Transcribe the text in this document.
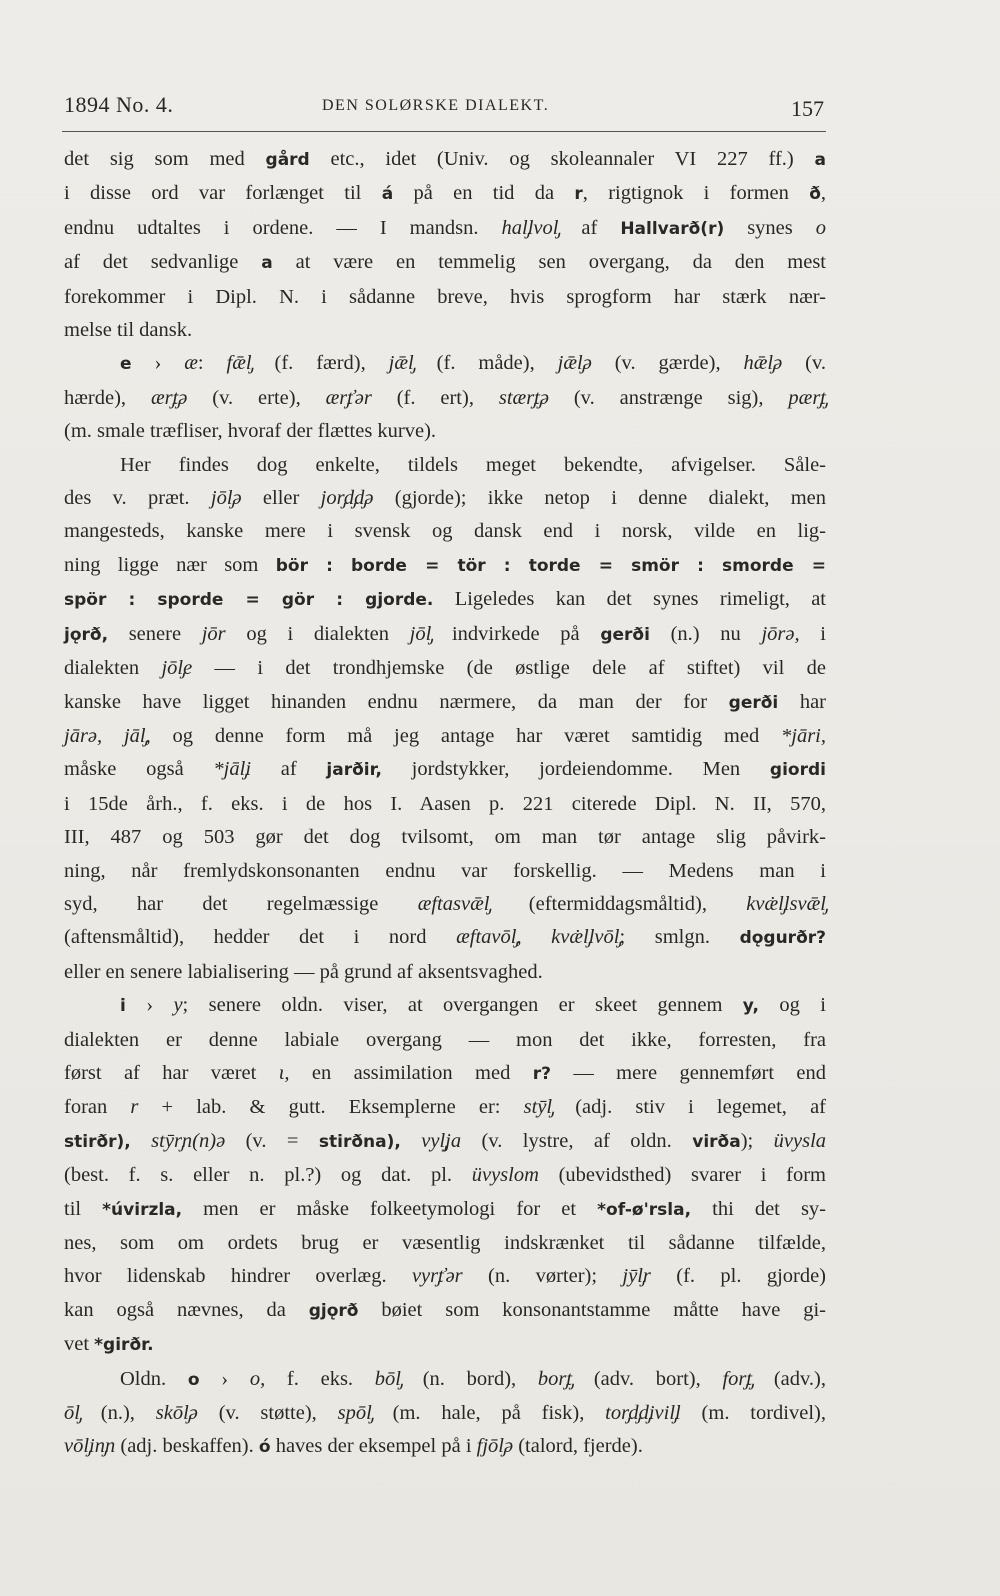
1894 No. 4.	DEN SOLØRSKE DIALEKT.	157
det sig som med gård etc., idet (Univ. og skoleannaler VI 227 ff.) a
i disse ord var forlænget til á på en tid da r, rigtignok i formen ð,
endnu udtaltes i ordene. — I mandsn. hal̡lvol̡ af Hallvarð(r) synes o
af det sedvanlige a at være en temmelig sen overgang, da den mest
forekommer i Dipl. N. i sådanne breve, hvis sprogform har stærk nær-
melse til dansk.
e › æ: fǣl̡ (f. færd), jǣl̡ (f. måde), jǣl̡ə (v. gærde), hǣl̡ə (v.
hærde), ær̡t̡ə (v. erte), ær̡ťər (f. ert), stær̡t̡ə (v. anstrænge sig), pær̡t̡
(m. smale træfliser, hvoraf der flættes kurve).
Her findes dog enkelte, tildels meget bekendte, afvigelser. Såle-
des v. præt. jōl̡ə eller jor̡d̡d̡ə (gjorde); ikke netop i denne dialekt, men
mangesteds, kanske mere i svensk og dansk end i norsk, vilde en lig-
ning ligge nær som bör : borde = tör : torde = smör : smorde =
spör : sporde = gör : gjorde. Ligeledes kan det synes rimeligt, at
jǫrð, senere jōr og i dialekten jōl̡ indvirkede på gerði (n.) nu jōrə, i
dialekten jōl̡e — i det trondhjemske (de østlige dele af stiftet) vil de
kanske have ligget hinanden endnu nærmere, da man der for gerði har
jārə, jāl̡, og denne form må jeg antage har været samtidig med *jāri,
måske også *jāl̡i af jarðir, jordstykker, jordeiendomme. Men giordi
i 15de årh., f. eks. i de hos I. Aasen p. 221 citerede Dipl. N. II, 570,
III, 487 og 503 gør det dog tvilsomt, om man tør antage slig påvirk-
ning, når fremlydskonsonanten endnu var forskellig. — Medens man i
syd, har det regelmæssige æftasvǣl̡ (eftermiddagsmåltid), kvæ̇l̡lsvǣl̡
(aftensmåltid), hedder det i nord æftavōl̡, kvæ̇l̡lvōl̡; smlgn. dǫgurðr?
eller en senere labialisering — på grund af aksentsvaghed.
i › y; senere oldn. viser, at overgangen er skeet gennem y, og i
dialekten er denne labiale overgang — mon det ikke, forresten, fra
først af har været ɩ, en assimilation med r? — mere gennemført end
foran r + lab. & gutt. Eksemplerne er: stȳl̡ (adj. stiv i legemet, af
stirðr), stȳr̡n(n)ə (v. = stirðna), vyl̡ja (v. lystre, af oldn. virða); üvysla
(best. f. s. eller n. pl.?) og dat. pl. üvyslom (ubevidsthed) svarer i form
til *úvirzla, men er måske folkeetymologi for et *of-ø'rsla, thi det sy-
nes, som om ordets brug er væsentlig indskrænket til sådanne tilfælde,
hvor lidenskab hindrer overlæg. vyr̡ťər (n. vørter); jȳl̡r (f. pl. gjorde)
kan også nævnes, da gjǫrð bøiet som konsonantstamme måtte have gi-
vet *girðr.
Oldn. o › o, f. eks. bōl̡ (n. bord), bor̡t̡ (adv. bort), for̡t̡ (adv.),
ōl̡ (n.), skōl̡ə (v. støtte), spōl̡ (m. hale, på fisk), tor̡d̡d̡ivil̡l (m. tordivel),
vōl̡in̡n (adj. beskaffen). ó haves der eksempel på i fjōl̡ə (talord, fjerde).
